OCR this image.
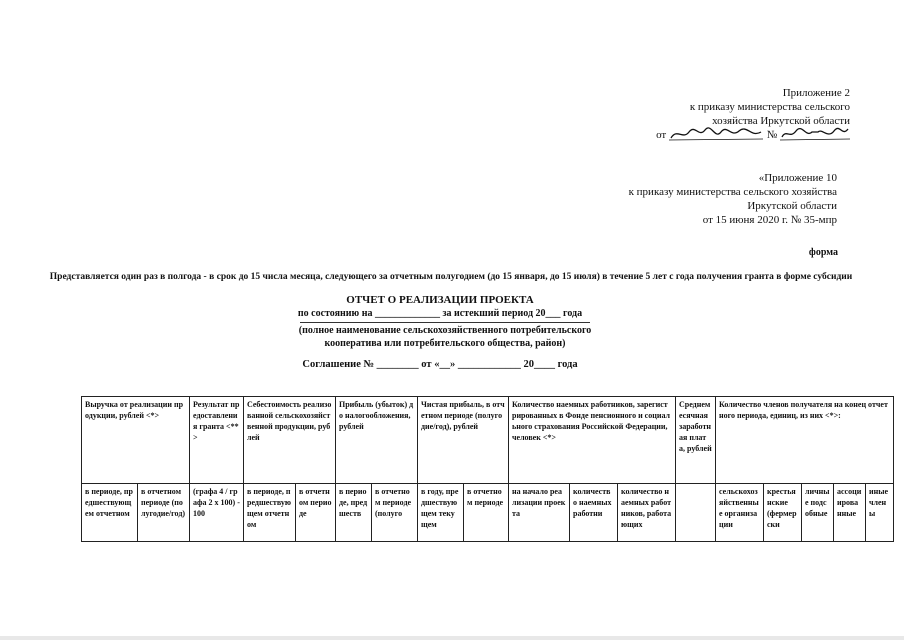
Приложение 2
к приказу министерства сельского
хозяйства Иркутской области
от	№
«Приложение 10
к приказу министерства сельского хозяйства
Иркутской области
от 15 июня 2020 г. № 35-мпр
форма
Представляется один раз в полгода - в срок до 15 числа месяца, следующего за отчетным полугодием (до 15 января, до 15 июля) в течение 5 лет с года получения гранта в форме субсидии
ОТЧЕТ О РЕАЛИЗАЦИИ ПРОЕКТА
по состоянию на _____________ за истекший период 20___ года
(полное наименование сельскохозяйственного потребительского кооператива или потребительского общества, район)
Соглашение № ________ от «__» ____________ 20____ года
Выручка от реализации продукции, рублей <*>
Результат предоставления гранта <**>
Себестоимость реализованной сельскохозяйственной продукции, рублей
Прибыль (убыток) до налогообложения, рублей
Чистая прибыль, в отчетном периоде (полугодие/год), рублей
Количество наемных работников, зарегистрированных в Фонде пенсионного и социального страхования Российской Федерации, человек <*>
Среднемесячная заработная плата, рублей
Количество членов получателя на конец отчетного периода, единиц, из них <*>:
в периоде, предшествующем отчетном
в отчетном периоде (полугодие/год)
(графа 4 / графа 2 x 100) - 100
в периоде, предшествующем отчетном
в отчетном периоде
в периоде, предшеств
в отчетном периоде (полуго
в году, предшествующем текущем
в отчетном периоде
на начало реализации проекта
количество наемных работни
количество наемных работников, работающих
сельскохозяйственные организации
крестьянские (фермерски
личные подсобные
ассоциированные
иные члены
